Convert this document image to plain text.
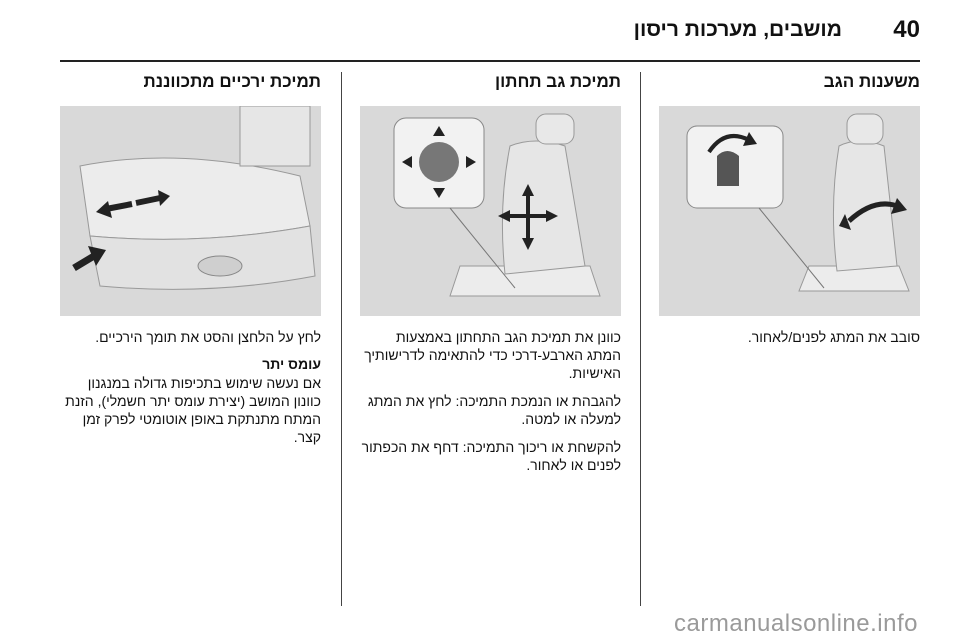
40
מושבים, מערכות ריסון
משענות הגב

סובב את המתג לפנים/לאחור.

תמיכת גב תחתון

כוונן את תמיכת הגב התחתון באמצעות המתג הארבע-דרכי כדי להתאימה לדרישותיך האישיות.

להגבהת או הנמכת התמיכה: לחץ את המתג למעלה או למטה.

להקשחת או ריכוך התמיכה: דחף את הכפתור לפנים או לאחור.

תמיכת ירכיים מתכווננת

לחץ על הלחצן והסט את תומך הירכיים.

עומס יתר

אם נעשה שימוש בתכיפות גדולה במנגנון כוונון המושב (יצירת עומס יתר חשמלי), הזנת המתח מתנתקת באופן אוטומטי לפרק זמן קצר.

carmanualsonline.info
